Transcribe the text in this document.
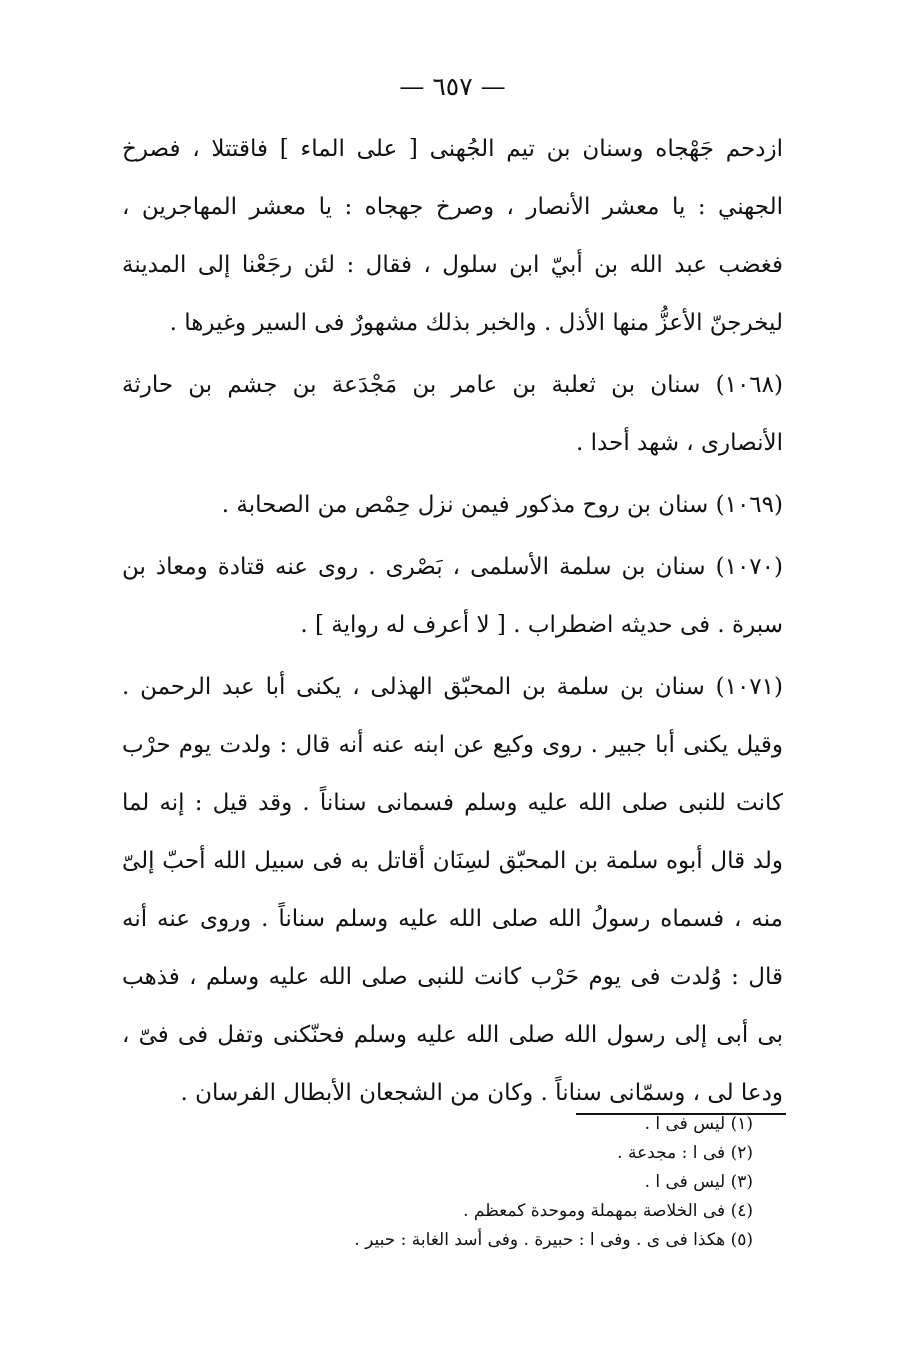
— ٦٥٧ —

ازدحم جَهْجاه وسنان بن تيم الجُهنى [ على الماء ] فاقتتلا ، فصرخ الجهني : يا معشر الأنصار ، وصرخ جهجاه : يا معشر المهاجرين ، فغضب عبد الله بن أبيّ ابن سلول ، فقال : لئن رجَعْنا إلى المدينة ليخرجنّ الأعزُّ منها الأذل . والخبر بذلك مشهورٌ فى السير وغيرها .

(١٠٦٨) سنان بن ثعلبة بن عامر بن مَجْدَعة بن جشم بن حارثة الأنصارى ، شهد أحدا .

(١٠٦٩) سنان بن روح مذكور فيمن نزل حِمْص من الصحابة .

(١٠٧٠) سنان بن سلمة الأسلمى ، بَصْرى . روى عنه قتادة ومعاذ بن سبرة . فى حديثه اضطراب . [ لا أعرف له رواية ] .

(١٠٧١) سنان بن سلمة بن المحبّق الهذلى ، يكنى أبا عبد الرحمن . وقيل يكنى أبا جبير . روى وكيع عن ابنه عنه أنه قال : ولدت يوم حرْب كانت للنبى صلى الله عليه وسلم فسمانى سناناً . وقد قيل : إنه لما ولد قال أبوه سلمة بن المحبّق لسِنَان أقاتل به فى سبيل الله أحبّ إلىّ منه ، فسماه رسولُ الله صلى الله عليه وسلم سناناً . وروى عنه أنه قال : وُلدت فى يوم حَرْب كانت للنبى صلى الله عليه وسلم ، فذهب بى أبى إلى رسول الله صلى الله عليه وسلم فحنّكنى وتفل فى فىّ ، ودعا لى ، وسمّانى سناناً . وكان من الشجعان الأبطال الفرسان .

(١) ليس فى ا .

(٢) فى ا : مجدعة .

(٣) ليس فى ا .

(٤) فى الخلاصة بمهملة وموحدة كمعظم .

(٥) هكذا فى ى . وفى ا : حبيرة . وفى أسد الغابة : حبير .
